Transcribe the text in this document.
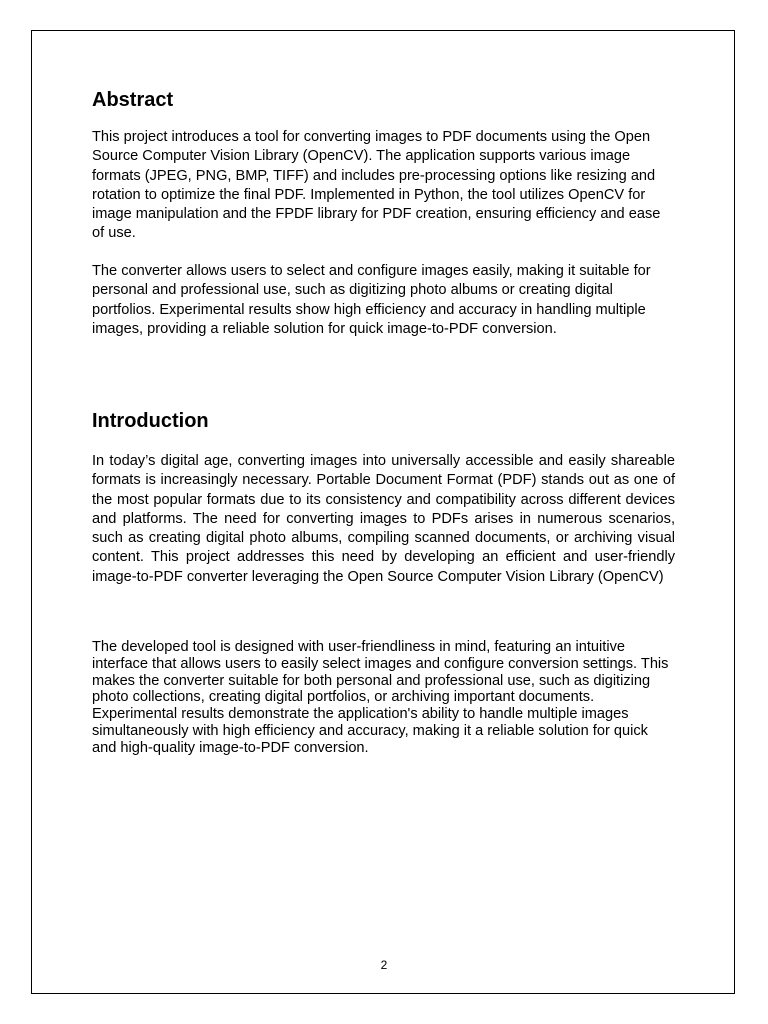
Abstract

This project introduces a tool for converting images to PDF documents using the Open Source Computer Vision Library (OpenCV). The application supports various image formats (JPEG, PNG, BMP, TIFF) and includes pre-processing options like resizing and rotation to optimize the final PDF. Implemented in Python, the tool utilizes OpenCV for image manipulation and the FPDF library for PDF creation, ensuring efficiency and ease of use.

The converter allows users to select and configure images easily, making it suitable for personal and professional use, such as digitizing photo albums or creating digital portfolios. Experimental results show high efficiency and accuracy in handling multiple images, providing a reliable solution for quick image-to-PDF conversion.

Introduction

In today’s digital age, converting images into universally accessible and easily shareable formats is increasingly necessary. Portable Document Format (PDF) stands out as one of the most popular formats due to its consistency and compatibility across different devices and platforms. The need for converting images to PDFs arises in numerous scenarios, such as creating digital photo albums, compiling scanned documents, or archiving visual content. This project addresses this need by developing an efficient and user-friendly image-to-PDF converter leveraging the Open Source Computer Vision Library (OpenCV)

The developed tool is designed with user-friendliness in mind, featuring an intuitive interface that allows users to easily select images and configure conversion settings. This makes the converter suitable for both personal and professional use, such as digitizing photo collections, creating digital portfolios, or archiving important documents. Experimental results demonstrate the application's ability to handle multiple images simultaneously with high efficiency and accuracy, making it a reliable solution for quick and high-quality image-to-PDF conversion.

2
